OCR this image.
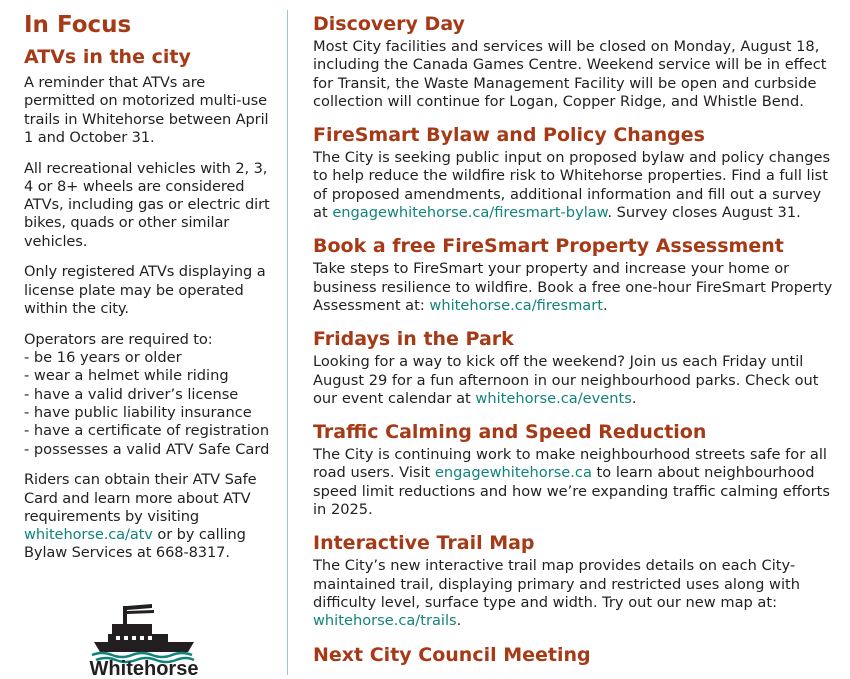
In Focus
ATVs in the city

A reminder that ATVs are permitted on motorized multi-use trails in Whitehorse between April 1 and October 31.

All recreational vehicles with 2, 3, 4 or 8+ wheels are considered ATVs, including gas or electric dirt bikes, quads or other similar vehicles.

Only registered ATVs displaying a license plate may be operated within the city.

Operators are required to:

- be 16 years or older
- wear a helmet while riding
- have a valid driver’s license
- have public liability insurance
- have a certificate of registration
- possesses a valid ATV Safe Card

Riders can obtain their ATV Safe Card and learn more about ATV requirements by visiting
whitehorse.ca/atv or by calling Bylaw Services at 668-8317.

Whitehorse
Discovery Day

Most City facilities and services will be closed on Monday, August 18, including the Canada Games Centre. Weekend service will be in effect for Transit, the Waste Management Facility will be open and curbside collection will continue for Logan, Copper Ridge, and Whistle Bend.

FireSmart Bylaw and Policy Changes

The City is seeking public input on proposed bylaw and policy changes to help reduce the wildfire risk to Whitehorse properties. Find a full list of proposed amendments, additional information and fill out a survey at engagewhitehorse.ca/firesmart-bylaw. Survey closes August 31.

Book a free FireSmart Property Assessment

Take steps to FireSmart your property and increase your home or business resilience to wildfire. Book a free one-hour FireSmart Property Assessment at: whitehorse.ca/firesmart.

Fridays in the Park

Looking for a way to kick off the weekend? Join us each Friday until August 29 for a fun afternoon in our neighbourhood parks. Check out our event calendar at whitehorse.ca/events.

Traffic Calming and Speed Reduction

The City is continuing work to make neighbourhood streets safe for all road users. Visit engagewhitehorse.ca to learn about neighbourhood speed limit reductions and how we’re expanding traffic calming efforts in 2025.

Interactive Trail Map

The City’s new interactive trail map provides details on each City-maintained trail, displaying primary and restricted uses along with difficulty level, surface type and width. Try out our new map at: whitehorse.ca/trails.

Next City Council Meeting
